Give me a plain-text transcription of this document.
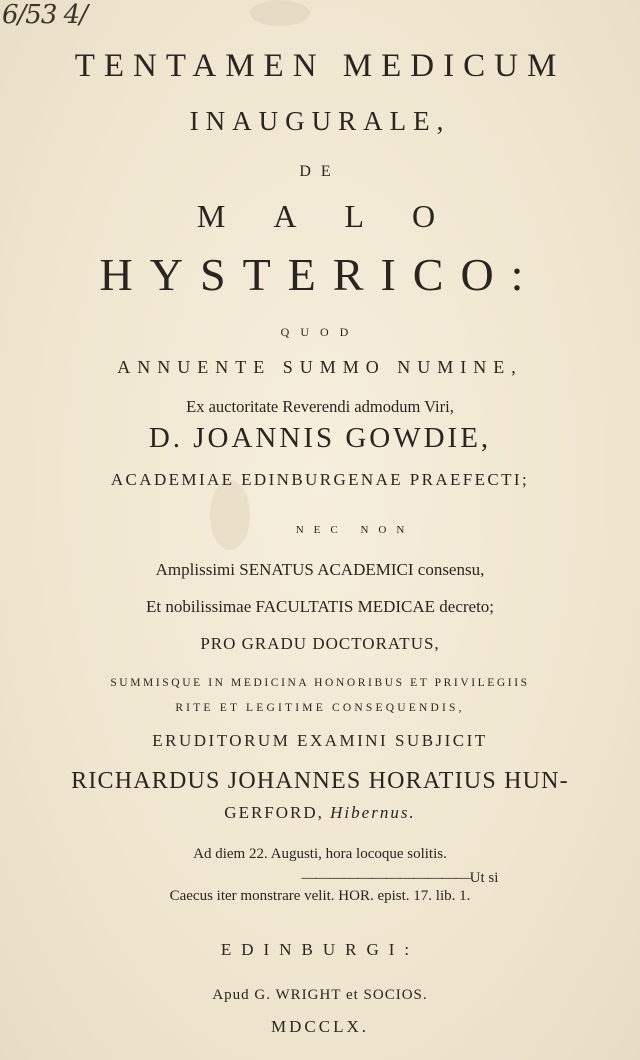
6/53 4/
TENTAMEN MEDICUM
INAUGURALE,
DE
MALO
HYSTERICO:
QUOD
ANNUENTE SUMMO NUMINE,
Ex auctoritate Reverendi admodum Viri,
D. JOANNIS GOWDIE,
ACADEMIAE EDINBURGENAE PRAEFECTI;
NEC NON
Amplissimi SENATUS ACADEMICI consensu,
Et nobilissimae FACULTATIS MEDICAE decreto;
PRO GRADU DOCTORATUS,
SUMMISQUE IN MEDICINA HONORIBUS ET PRIVILEGIIS
RITE ET LEGITIME CONSEQUENDIS,
ERUDITORUM EXAMINI SUBJICIT
RICHARDUS JOHANNES HORATIUS HUN-
GERFORD, Hibernus.
Ad diem 22. Augusti, hora locoque solitis.
————————————Ut si
Caecus iter monstrare velit. HOR. epist. 17. lib. 1.
EDINBURGI:
Apud G. WRIGHT et SOCIOS.
MDCCLX.
